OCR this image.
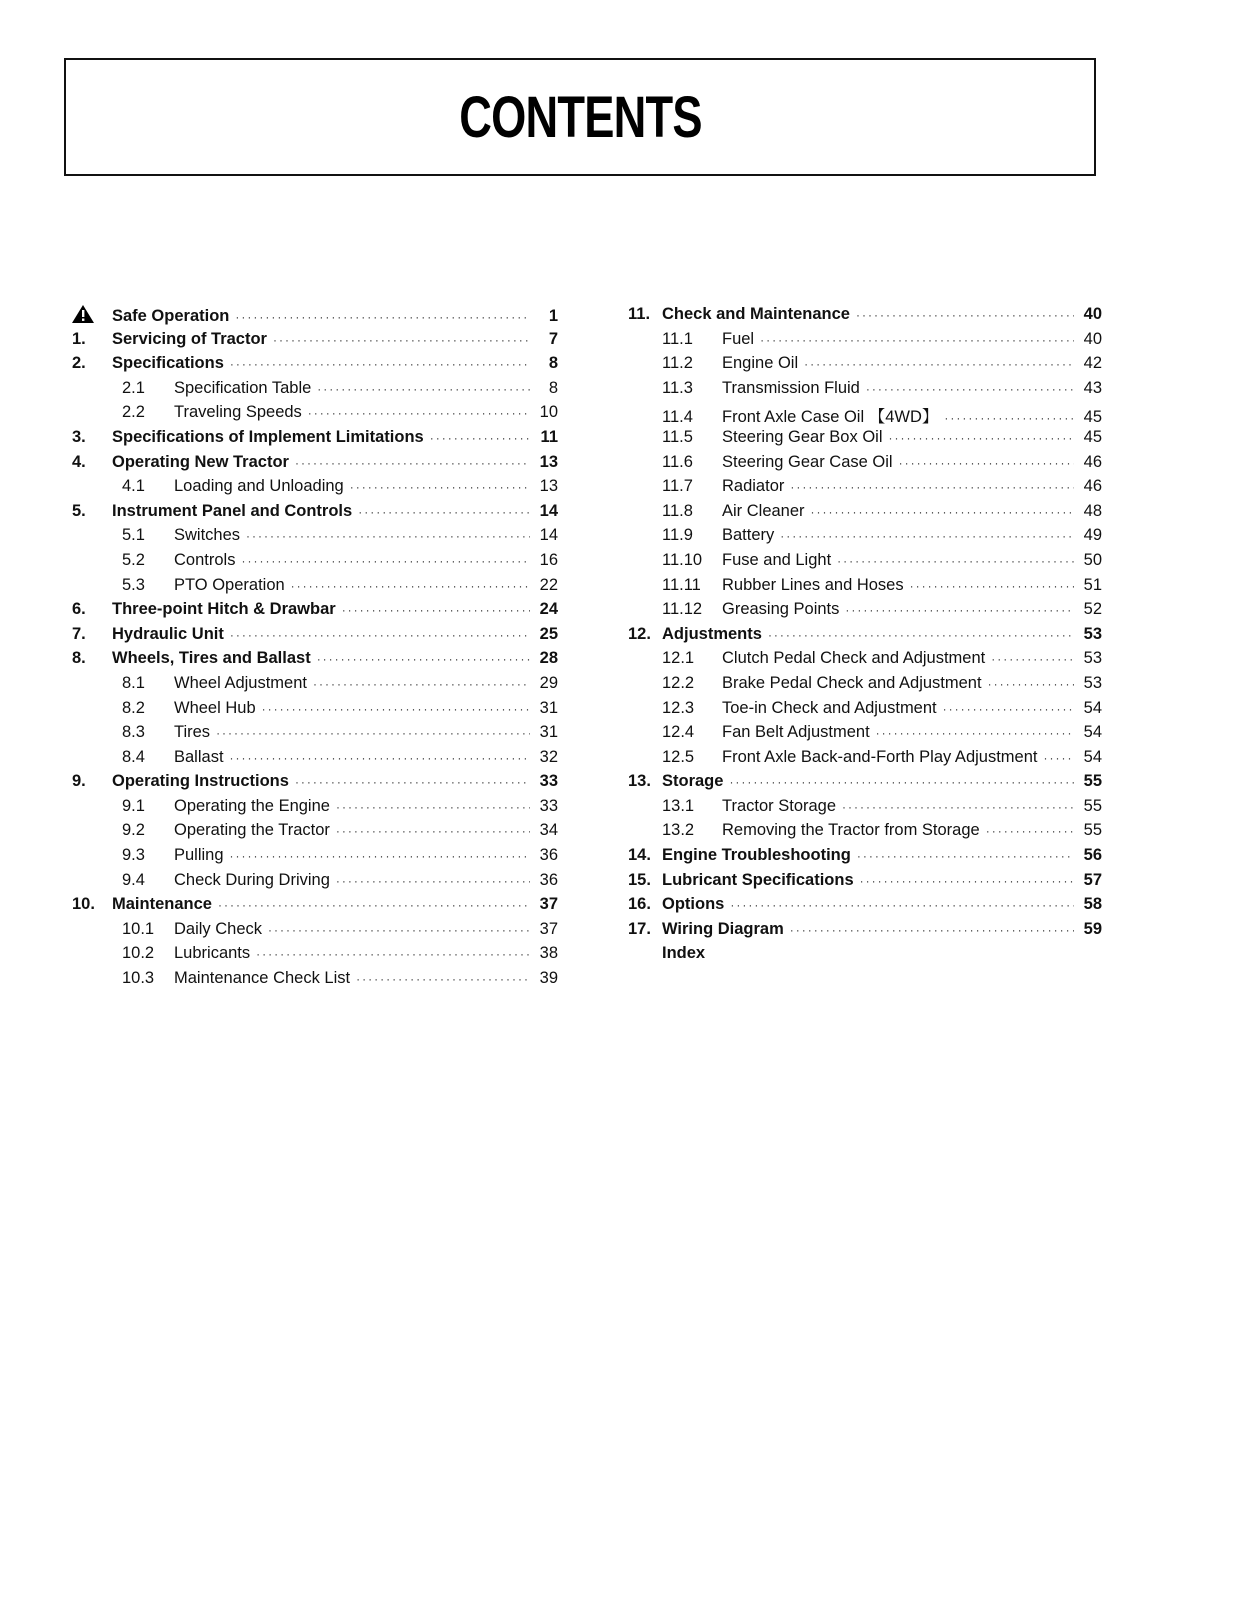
CONTENTS
Safe Operation ·····	1
1.	Servicing of Tractor ·····	7
2.	Specifications ·····	8
2.1	Specification Table ·····	8
2.2	Traveling Speeds ·····	10
3.	Specifications of Implement Limitations ·····	11
4.	Operating New Tractor ·····	13
4.1	Loading and Unloading ·····	13
5.	Instrument Panel and Controls ·····	14
5.1	Switches ·····	14
5.2	Controls ·····	16
5.3	PTO Operation ·····	22
6.	Three-point Hitch & Drawbar ·····	24
7.	Hydraulic Unit ·····	25
8.	Wheels, Tires and Ballast ·····	28
8.1	Wheel Adjustment ·····	29
8.2	Wheel Hub ·····	31
8.3	Tires ·····	31
8.4	Ballast ·····	32
9.	Operating Instructions ·····	33
9.1	Operating the Engine ·····	33
9.2	Operating the Tractor ·····	34
9.3	Pulling ·····	36
9.4	Check During Driving ·····	36
10.	Maintenance ·····	37
10.1	Daily Check ·····	37
10.2	Lubricants ·····	38
10.3	Maintenance Check List ·····	39
11. Check and Maintenance ·····	40
11.1	Fuel ·····	40
11.2	Engine Oil ·····	42
11.3	Transmission Fluid ·····	43
11.4	Front Axle Case Oil 【4WD】 ·····	45
11.5	Steering Gear Box Oil ·····	45
11.6	Steering Gear Case Oil ·····	46
11.7	Radiator ·····	46
11.8	Air Cleaner ·····	48
11.9	Battery ·····	49
11.10	Fuse and Light ·····	50
11.11	Rubber Lines and Hoses ·····	51
11.12	Greasing Points ·····	52
12. Adjustments ·····	53
12.1	Clutch Pedal Check and Adjustment ·····	53
12.2	Brake Pedal Check and Adjustment ·····	53
12.3	Toe-in Check and Adjustment ·····	54
12.4	Fan Belt Adjustment ·····	54
12.5	Front Axle Back-and-Forth Play Adjustment ·····	54
13. Storage ·····	55
13.1	Tractor Storage ·····	55
13.2	Removing the Tractor from Storage ·····	55
14. Engine Troubleshooting ·····	56
15. Lubricant Specifications ·····	57
16. Options ·····	58
17. Wiring Diagram ·····	59
Index
